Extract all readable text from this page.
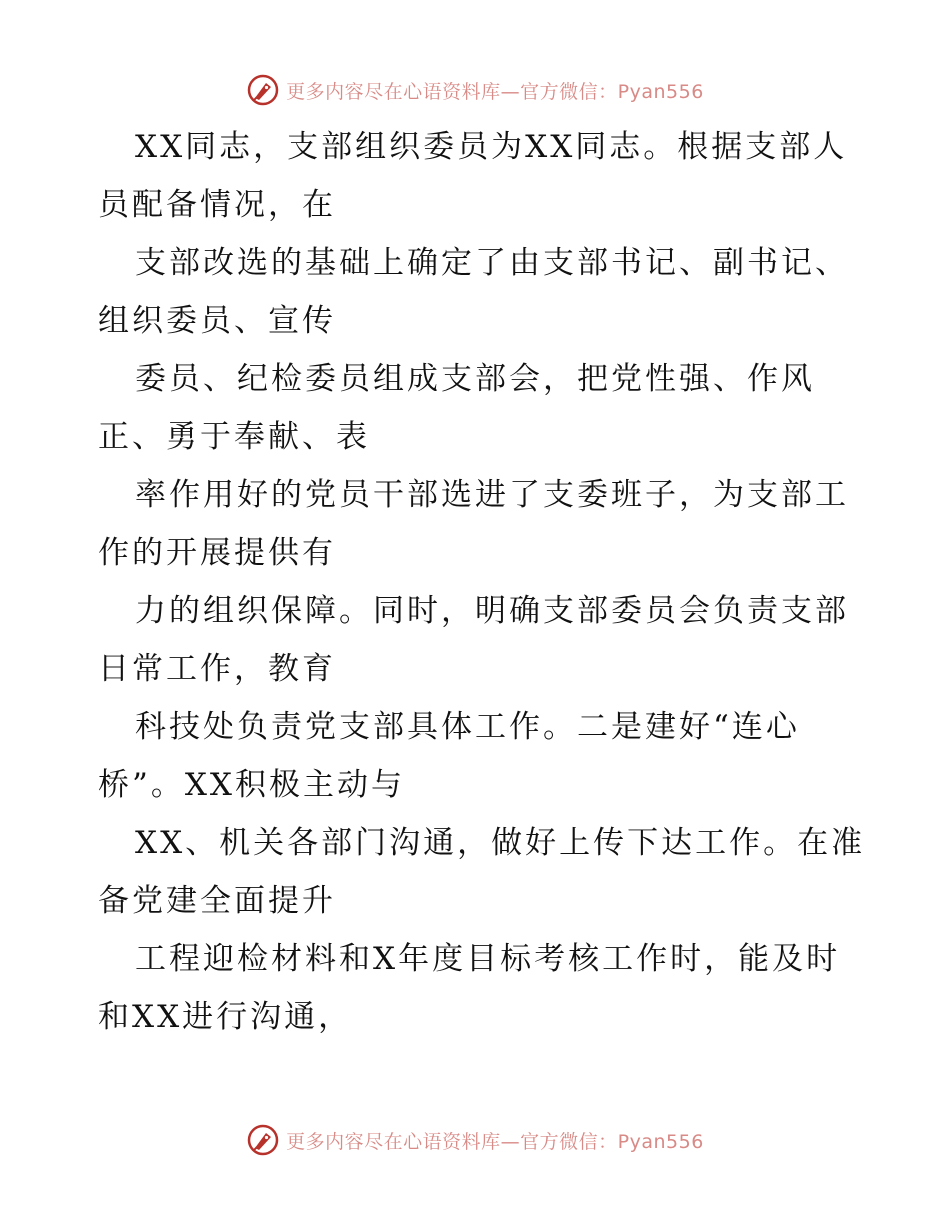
更多内容尽在心语资料库—官方微信：Pyan556
XX同志，支部组织委员为XX同志。根据支部人
员配备情况，在
支部改选的基础上确定了由支部书记、副书记、
组织委员、宣传
委员、纪检委员组成支部会，把党性强、作风
正、勇于奉献、表
率作用好的党员干部选进了支委班子，为支部工
作的开展提供有
力的组织保障。同时，明确支部委员会负责支部
日常工作，教育
科技处负责党支部具体工作。二是建好“连心
桥”。XX积极主动与
XX、机关各部门沟通，做好上传下达工作。在准
备党建全面提升
工程迎检材料和X年度目标考核工作时，能及时
和XX进行沟通，
更多内容尽在心语资料库—官方微信：Pyan556
